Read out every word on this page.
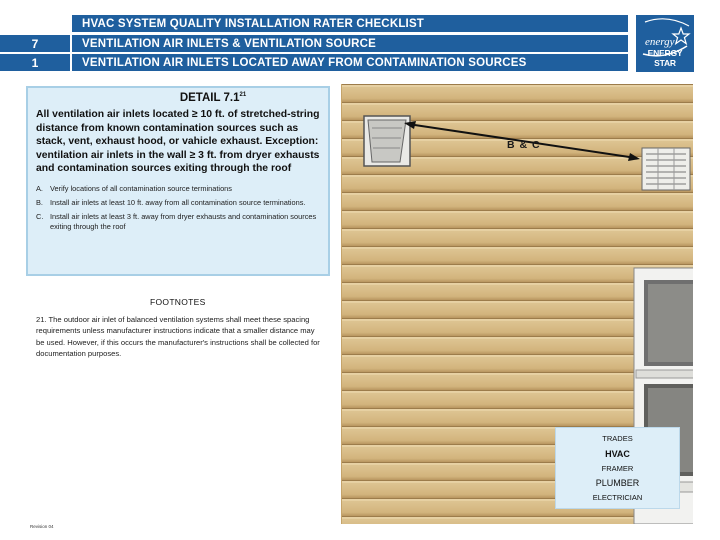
HVAC SYSTEM QUALITY INSTALLATION RATER CHECKLIST
7	VENTILATION AIR INLETS & VENTILATION SOURCE
1	VENTILATION AIR INLETS LOCATED AWAY FROM CONTAMINATION SOURCES
energy
ENERGY STAR
DETAIL $7.1^{21}$
All ventilation air inlets located ≥ 10 ft. of stretched-string distance from known contamination sources such as stack, vent, exhaust hood, or vahicle exhaust. Exception: ventilation air inlets in the wall ≥ 3 ft. from dryer exhausts and contamination sources exiting through the roof
A. Verify locations of all contamination source terminations
B. Install air inlets at least 10 ft. away from all contamination source terminations.
C. Install air inlets at least 3 ft. away from dryer exhausts and contamination sources exiting through the roof
FOOTNOTES
21. The outdoor air inlet of balanced ventilation systems shall meet these spacing requirements unless manufacturer instructions indicate that a smaller distance may be used. However, if this occurs the manufacturer's instructions shall be collected for documentation purposes.
Revision 04
B & C
TRADES
HVAC
FRAMER
PLUMBER
ELECTRICIAN
